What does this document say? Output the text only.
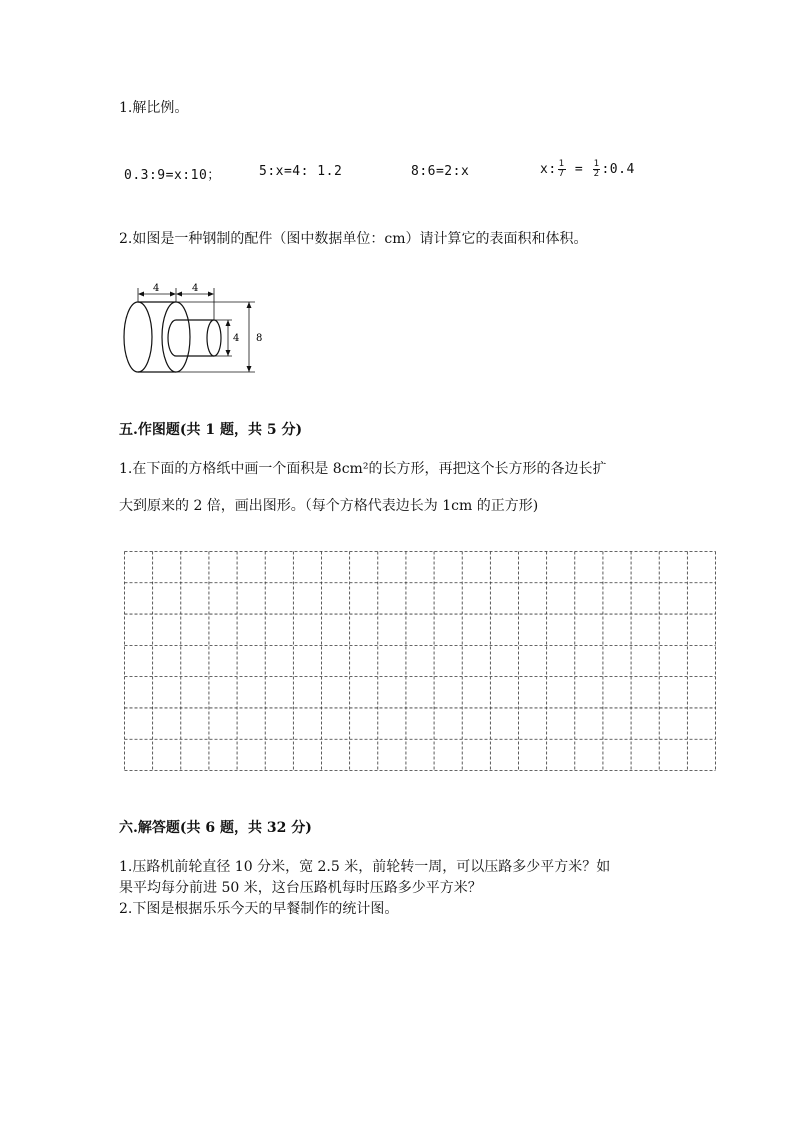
1.解比例。
0.3:9=x:10；	5:x=4: 1.2	8:6=2:x	x: $\frac{1}{7} = \frac{1}{2}$ :0.4
2.如图是一种钢制的配件（图中数据单位：cm）请计算它的表面积和体积。
4	4
4 8
五.作图题(共 1 题，共 5 分)
1.在下面的方格纸中画一个面积是 8cm²的长方形，再把这个长方形的各边长扩
大到原来的 2 倍，画出图形。（每个方格代表边长为 1cm 的正方形)
六.解答题(共 6 题，共 32 分)
1.压路机前轮直径 10 分米，宽 2.5 米，前轮转一周，可以压路多少平方米？如
果平均每分前进 50 米，这台压路机每时压路多少平方米？
2.下图是根据乐乐今天的早餐制作的统计图。
